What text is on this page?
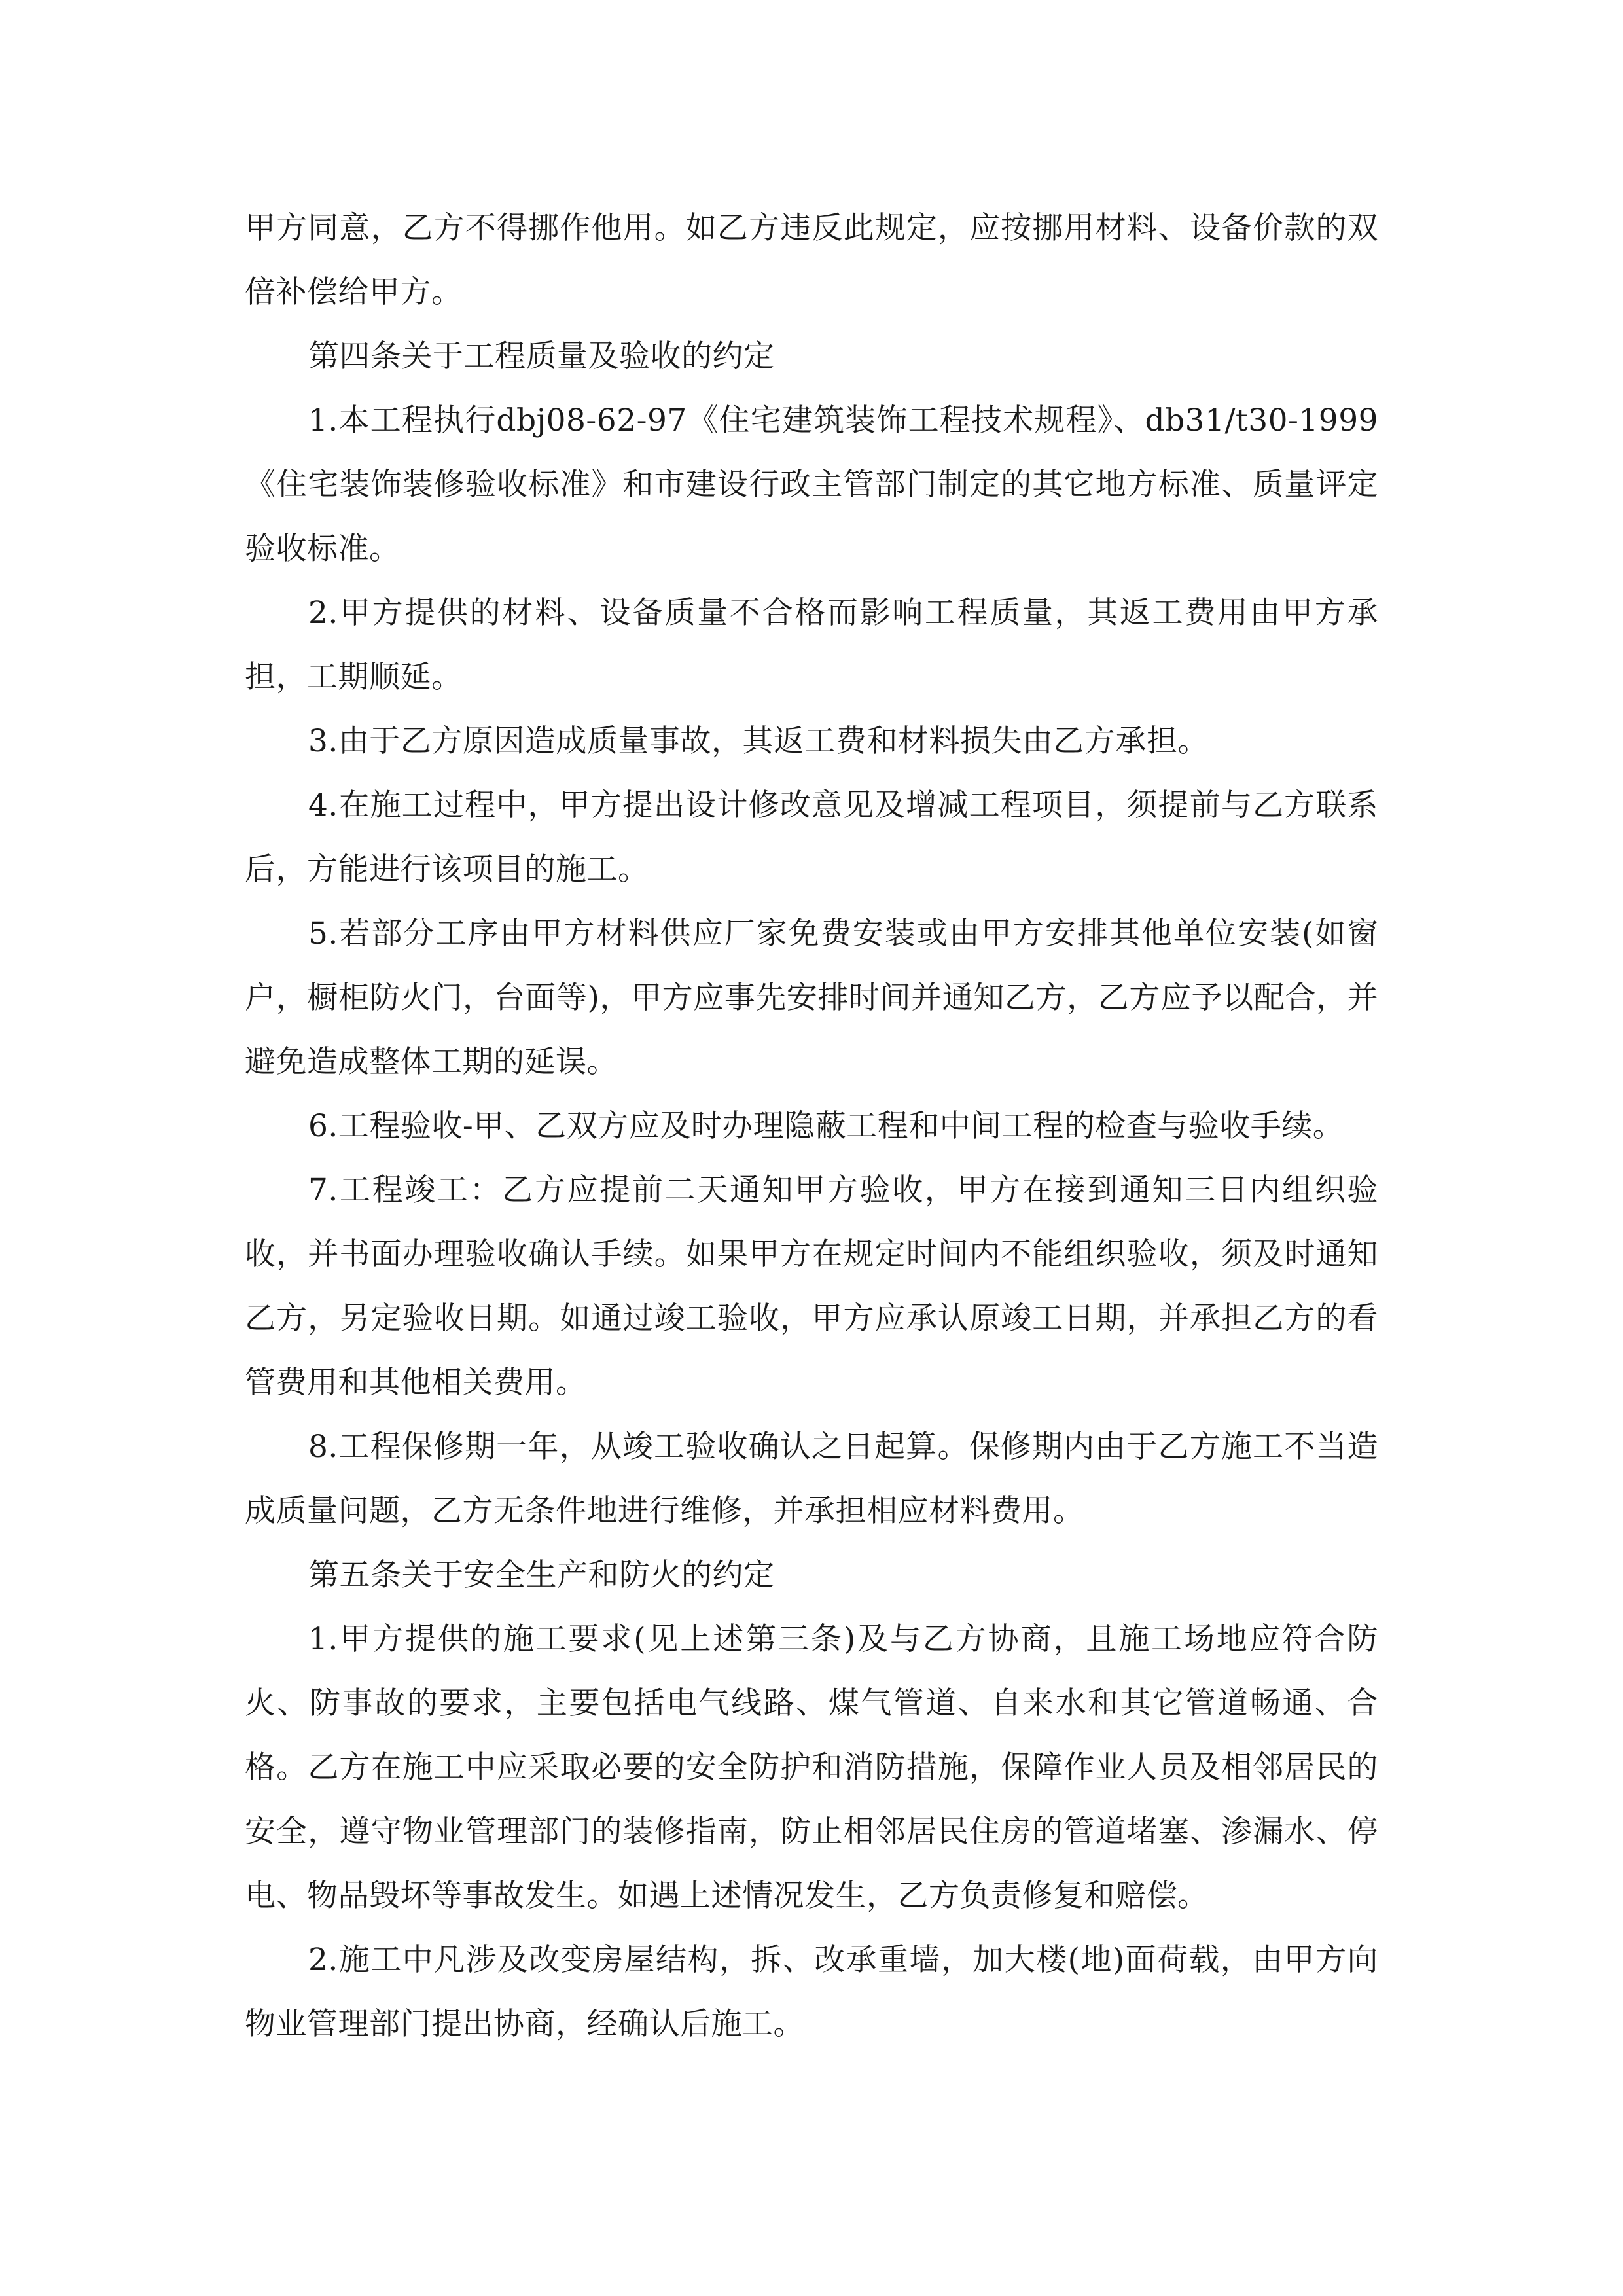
甲方同意，乙方不得挪作他用。如乙方违反此规定，应按挪用材料、设备价款的双倍补偿给甲方。

第四条关于工程质量及验收的约定

1.本工程执行dbj08-62-97《住宅建筑装饰工程技术规程》、db31/t30-1999《住宅装饰装修验收标准》和市建设行政主管部门制定的其它地方标准、质量评定验收标准。

2.甲方提供的材料、设备质量不合格而影响工程质量，其返工费用由甲方承担，工期顺延。

3.由于乙方原因造成质量事故，其返工费和材料损失由乙方承担。

4.在施工过程中，甲方提出设计修改意见及增减工程项目，须提前与乙方联系后，方能进行该项目的施工。

5.若部分工序由甲方材料供应厂家免费安装或由甲方安排其他单位安装(如窗户，橱柜防火门，台面等)，甲方应事先安排时间并通知乙方，乙方应予以配合，并避免造成整体工期的延误。

6.工程验收-甲、乙双方应及时办理隐蔽工程和中间工程的检查与验收手续。

7.工程竣工：乙方应提前二天通知甲方验收，甲方在接到通知三日内组织验收，并书面办理验收确认手续。如果甲方在规定时间内不能组织验收，须及时通知乙方，另定验收日期。如通过竣工验收，甲方应承认原竣工日期，并承担乙方的看管费用和其他相关费用。

8.工程保修期一年，从竣工验收确认之日起算。保修期内由于乙方施工不当造成质量问题，乙方无条件地进行维修，并承担相应材料费用。

第五条关于安全生产和防火的约定

1.甲方提供的施工要求(见上述第三条)及与乙方协商，且施工场地应符合防火、防事故的要求，主要包括电气线路、煤气管道、自来水和其它管道畅通、合格。乙方在施工中应采取必要的安全防护和消防措施，保障作业人员及相邻居民的安全，遵守物业管理部门的装修指南，防止相邻居民住房的管道堵塞、渗漏水、停电、物品毁坏等事故发生。如遇上述情况发生，乙方负责修复和赔偿。

2.施工中凡涉及改变房屋结构，拆、改承重墙，加大楼(地)面荷载，由甲方向物业管理部门提出协商，经确认后施工。
